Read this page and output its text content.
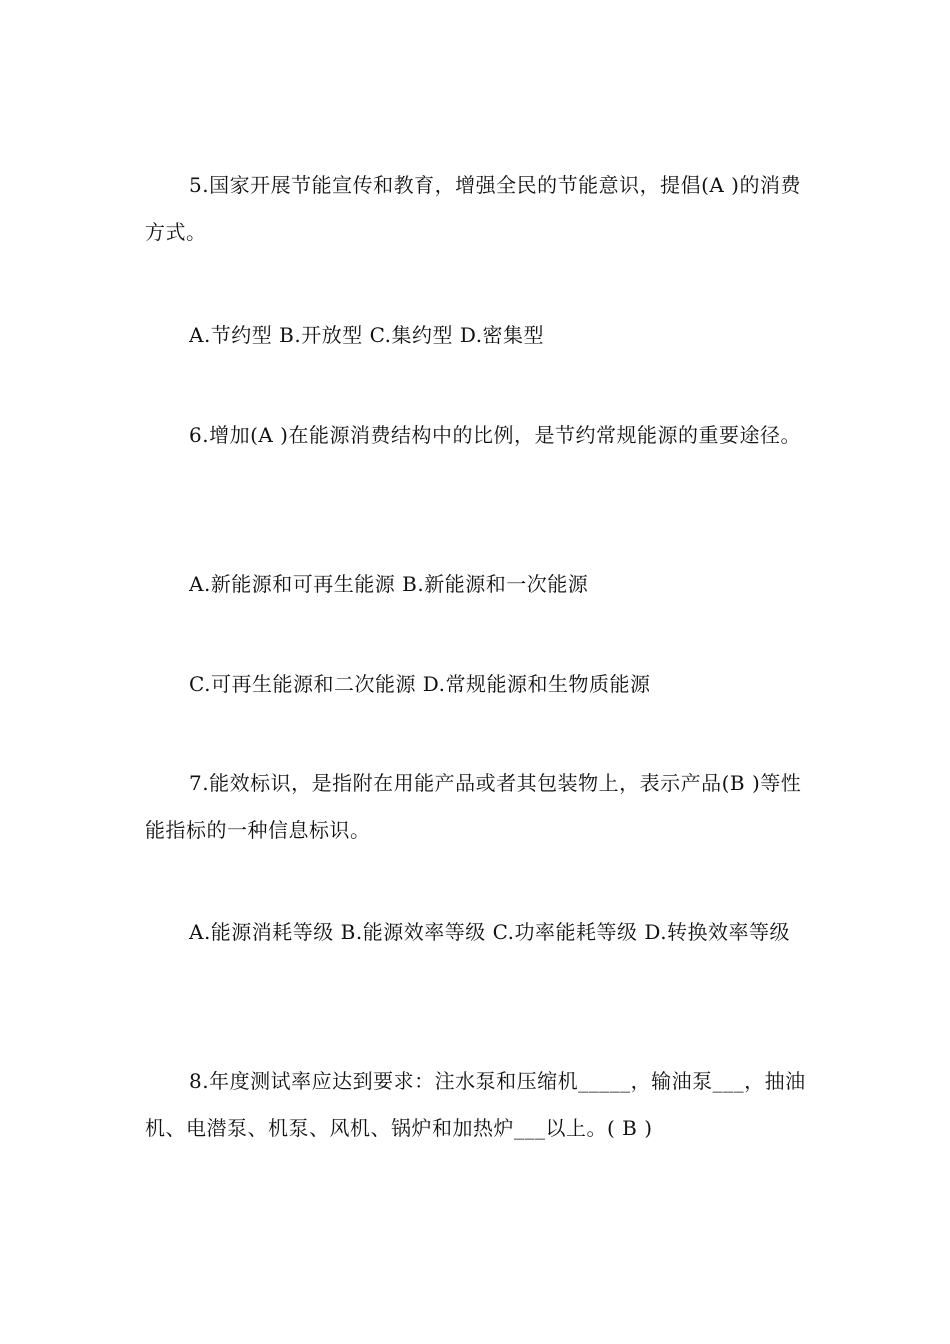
5.国家开展节能宣传和教育，增强全民的节能意识，提倡(A )的消费方式。

A.节约型 B.开放型 C.集约型 D.密集型

6.增加(A )在能源消费结构中的比例，是节约常规能源的重要途径。

A.新能源和可再生能源 B.新能源和一次能源

C.可再生能源和二次能源 D.常规能源和生物质能源

7.能效标识，是指附在用能产品或者其包装物上，表示产品(B )等性能指标的一种信息标识。

A.能源消耗等级 B.能源效率等级 C.功率能耗等级 D.转换效率等级

8.年度测试率应达到要求：注水泵和压缩机_____，输油泵___，抽油机、电潜泵、机泵、风机、锅炉和加热炉___以上。( B )
